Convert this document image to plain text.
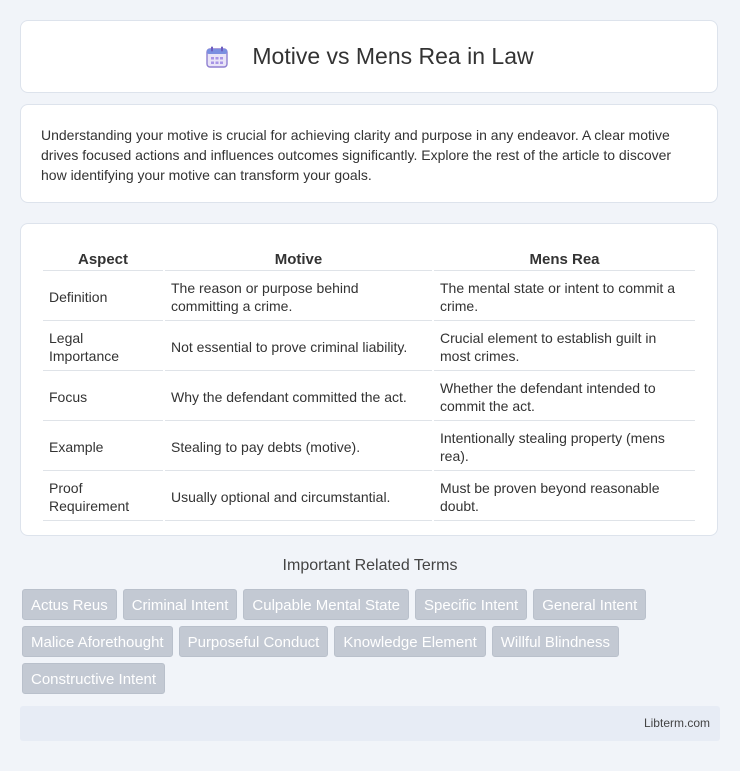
Motive vs Mens Rea in Law

Understanding your motive is crucial for achieving clarity and purpose in any endeavor. A clear motive drives focused actions and influences outcomes significantly. Explore the rest of the article to discover how identifying your motive can transform your goals.

Aspect	Motive	Mens Rea
Definition	The reason or purpose behind committing a crime.	The mental state or intent to commit a crime.
Legal Importance	Not essential to prove criminal liability.	Crucial element to establish guilt in most crimes.
Focus	Why the defendant committed the act.	Whether the defendant intended to commit the act.
Example	Stealing to pay debts (motive).	Intentionally stealing property (mens rea).
Proof Requirement	Usually optional and circumstantial.	Must be proven beyond reasonable doubt.
Important Related Terms
Actus Reus	Criminal Intent	Culpable Mental State	Specific Intent	General Intent
Malice Aforethought	Purposeful Conduct	Knowledge Element	Willful Blindness
Constructive Intent
Libterm.com
